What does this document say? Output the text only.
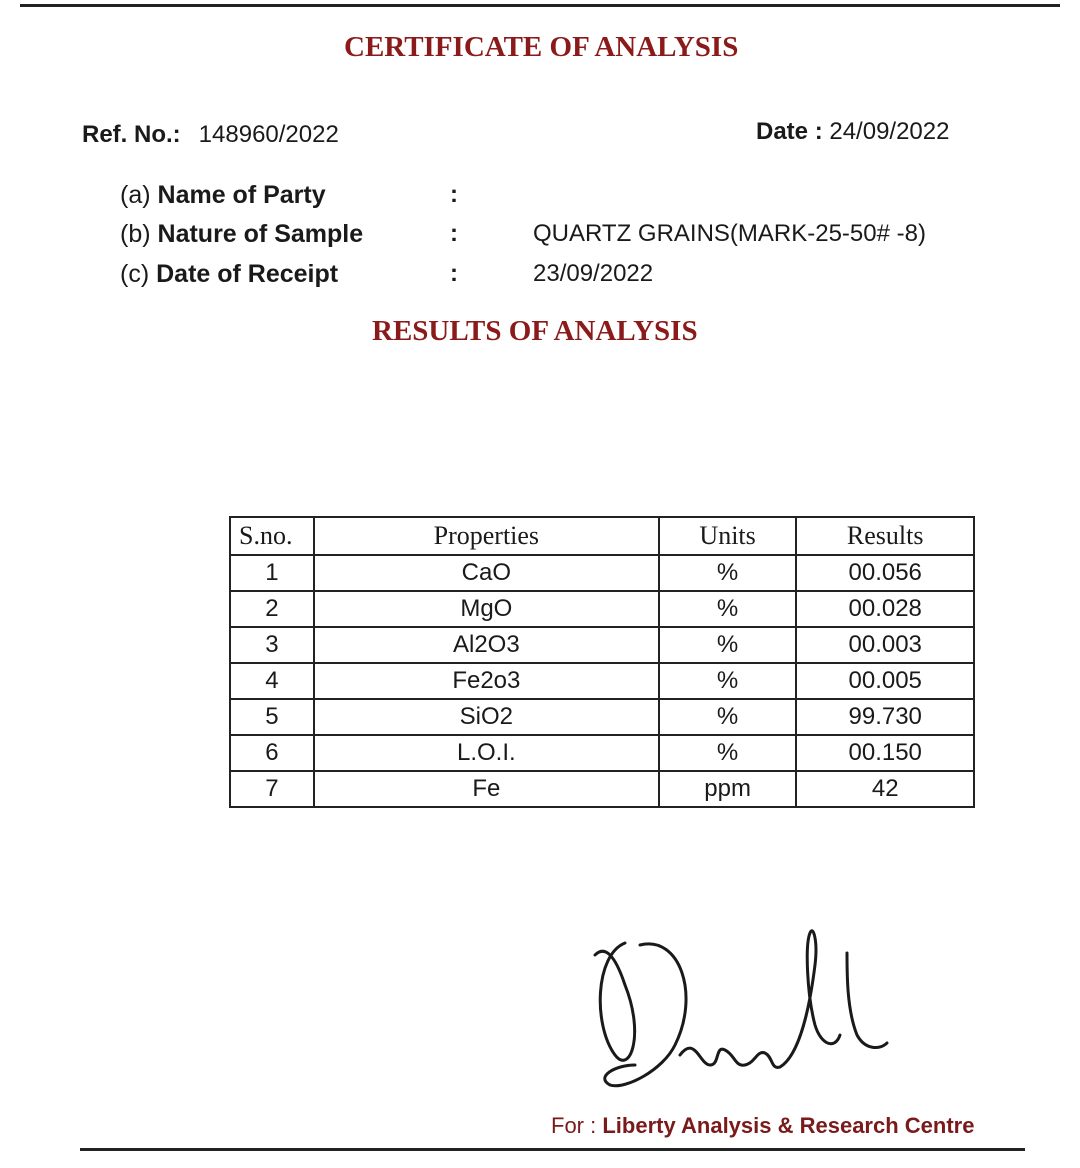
CERTIFICATE OF ANALYSIS
Ref. No.: 148960/2022	Date : 24/09/2022
(a) Name of Party	:
(b) Nature of Sample	:	QUARTZ GRAINS(MARK-25-50# -8)
(c) Date of Receipt	:	23/09/2022
RESULTS OF ANALYSIS
S.no.	Properties	Units	Results
1	CaO	%	00.056
2	MgO	%	00.028
3	Al2O3	%	00.003
4	Fe2o3	%	00.005
5	SiO2	%	99.730
6	L.O.I.	%	00.150
7	Fe	ppm	42
For : Liberty Analysis & Research Centre
